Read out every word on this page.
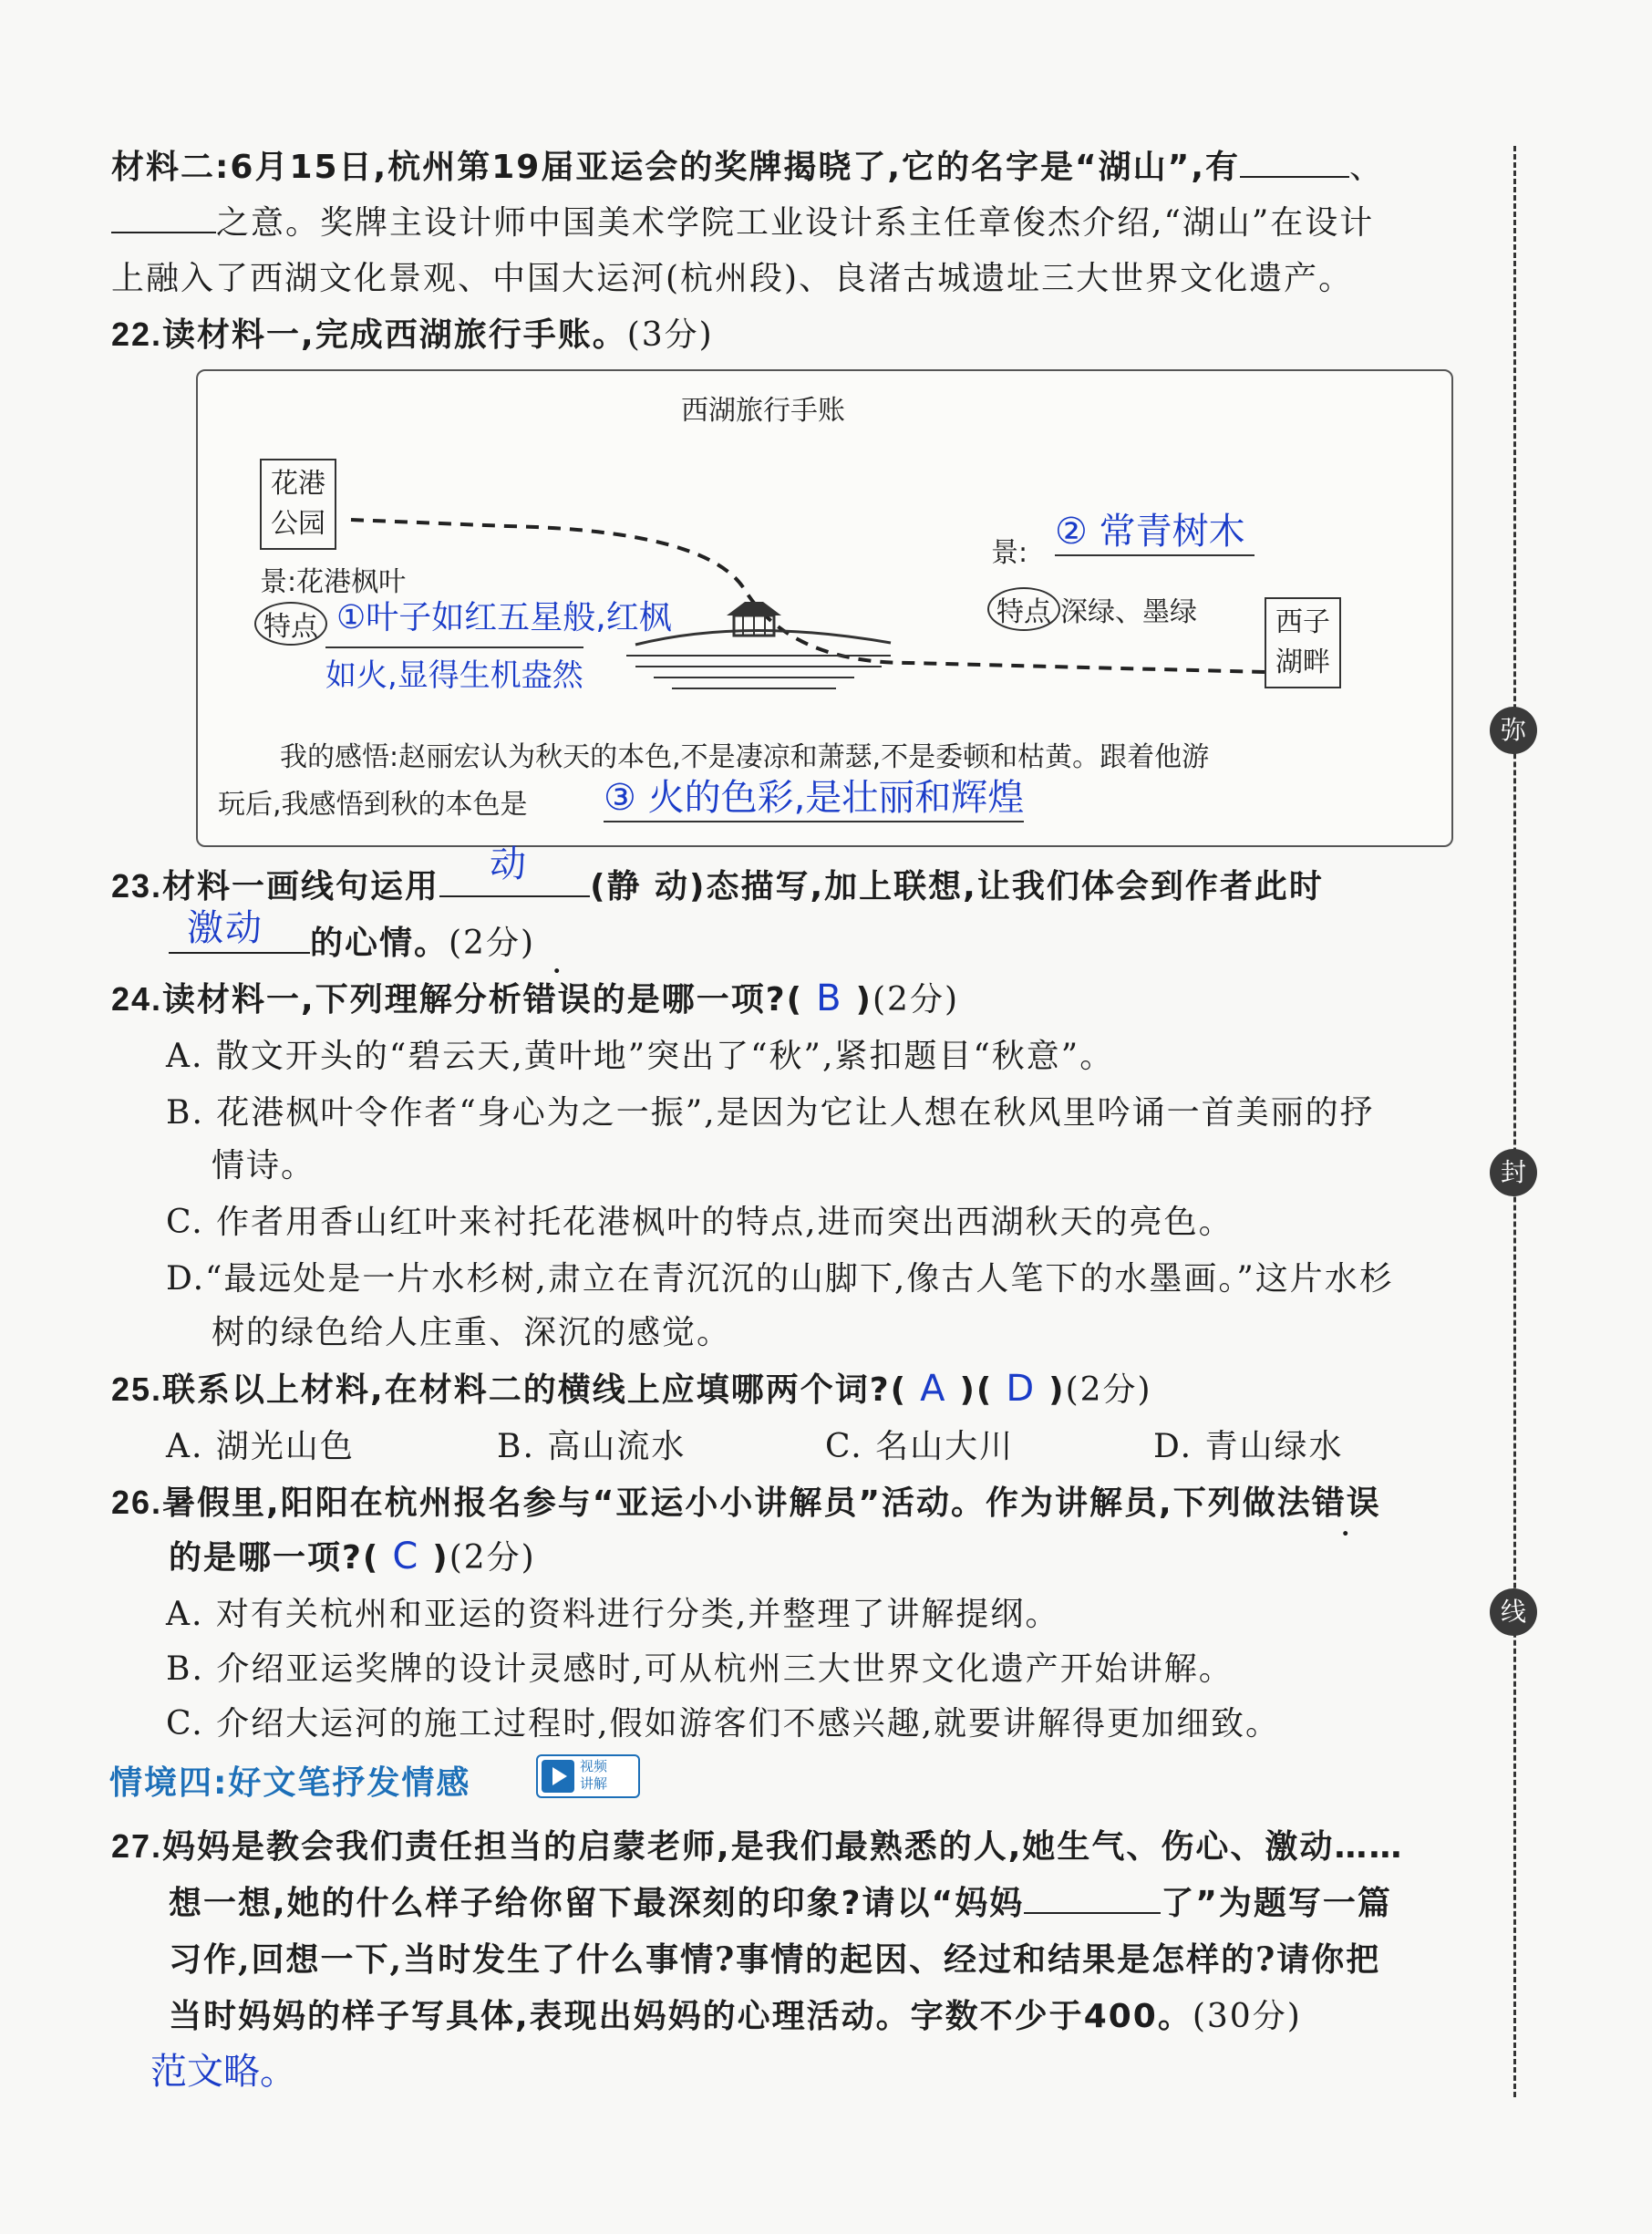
弥
封
线
材料二:6月15日,杭州第19届亚运会的奖牌揭晓了,它的名字是“湖山”,有	、
之意。奖牌主设计师中国美术学院工业设计系主任章俊杰介绍,“湖山”在设计
上融入了西湖文化景观、中国大运河(杭州段)、良渚古城遗址三大世界文化遗产。
22.读材料一,完成西湖旅行手账。(3分)
西湖旅行手账
花港
公园
西子
湖畔
景:花港枫叶
特点 ①叶子如红五星般,红枫
如火,显得生机盎然
景:
② 常青树木
特点 深绿、墨绿
我的感悟:赵丽宏认为秋天的本色,不是凄凉和萧瑟,不是委顿和枯黄。跟着他游
玩后,我感悟到秋的本色是 ③ 火的色彩,是壮丽和辉煌
23.材料一画线句运用
动
(静 动)态描写,加上联想,让我们体会到作者此时
激动 的心情。(2分)
24.读材料一,下列理解分析错误的是哪一项?( B )(2分)
A. 散文开头的“碧云天,黄叶地”突出了“秋”,紧扣题目“秋意”。
B. 花港枫叶令作者“身心为之一振”,是因为它让人想在秋风里吟诵一首美丽的抒
情诗。
C. 作者用香山红叶来衬托花港枫叶的特点,进而突出西湖秋天的亮色。
D.“最远处是一片水杉树,肃立在青沉沉的山脚下,像古人笔下的水墨画。”这片水杉
树的绿色给人庄重、深沉的感觉。
25.联系以上材料,在材料二的横线上应填哪两个词?( A )( D )(2分)
A. 湖光山色	B. 高山流水	C. 名山大川	D. 青山绿水
26.暑假里,阳阳在杭州报名参与“亚运小小讲解员”活动。作为讲解员,下列做法错误
的是哪一项?( C )(2分)
A. 对有关杭州和亚运的资料进行分类,并整理了讲解提纲。
B. 介绍亚运奖牌的设计灵感时,可从杭州三大世界文化遗产开始讲解。
C. 介绍大运河的施工过程时,假如游客们不感兴趣,就要讲解得更加细致。
情境四:好文笔抒发情感	视频
讲解
27.妈妈是教会我们责任担当的启蒙老师,是我们最熟悉的人,她生气、伤心、激动……
想一想,她的什么样子给你留下最深刻的印象?请以“妈妈	了”为题写一篇
习作,回想一下,当时发生了什么事情?事情的起因、经过和结果是怎样的?请你把
当时妈妈的样子写具体,表现出妈妈的心理活动。字数不少于400。(30分)
范文略。
